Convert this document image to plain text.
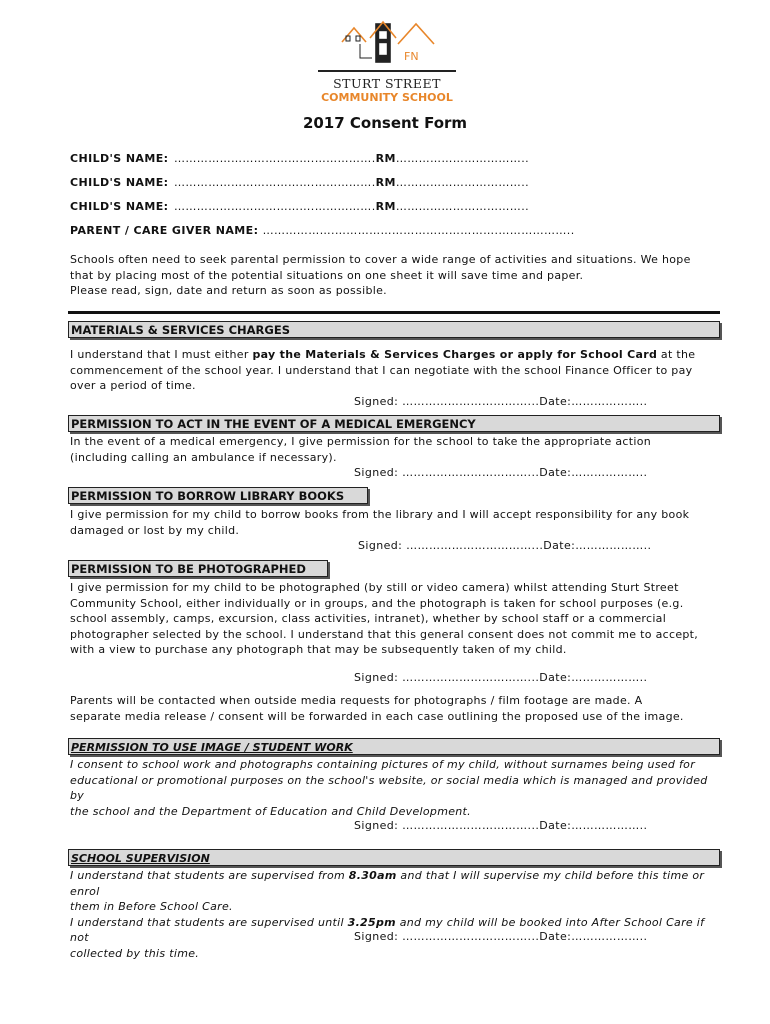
FN
STURT STREET
COMMUNITY SCHOOL
2017 Consent Form
CHILD'S NAME: ……………………………….…………….RM……………………………..
CHILD'S NAME: ……………………………….…………….RM……………………………..
CHILD'S NAME: ……………………………….…………….RM……………………………..
PARENT / CARE GIVER NAME: ……………….…………………………………….………………..
Schools often need to seek parental permission to cover a wide range of activities and situations. We hope
that by placing most of the potential situations on one sheet it will save time and paper.
Please read, sign, date and return as soon as possible.
MATERIALS & SERVICES CHARGES
I understand that I must either pay the Materials & Services Charges or apply for School Card at the
commencement of the school year. I understand that I can negotiate with the school Finance Officer to pay
over a period of time.
Signed: ……………………………...Date:………………..
PERMISSION TO ACT IN THE EVENT OF A MEDICAL EMERGENCY
In the event of a medical emergency, I give permission for the school to take the appropriate action
(including calling an ambulance if necessary).
Signed: ……………………………...Date:………………..
PERMISSION TO BORROW LIBRARY BOOKS
I give permission for my child to borrow books from the library and I will accept responsibility for any book
damaged or lost by my child.
Signed: ……………………………...Date:………………..
PERMISSION TO BE PHOTOGRAPHED
I give permission for my child to be photographed (by still or video camera) whilst attending Sturt Street
Community School, either individually or in groups, and the photograph is taken for school purposes (e.g.
school assembly, camps, excursion, class activities, intranet), whether by school staff or a commercial
photographer selected by the school. I understand that this general consent does not commit me to accept,
with a view to purchase any photograph that may be subsequently taken of my child.
Signed: ……………………………...Date:………………..
Parents will be contacted when outside media requests for photographs / film footage are made. A
separate media release / consent will be forwarded in each case outlining the proposed use of the image.
PERMISSION TO USE IMAGE / STUDENT WORK
I consent to school work and photographs containing pictures of my child, without surnames being used for
educational or promotional purposes on the school's website, or social media which is managed and provided by
the school and the Department of Education and Child Development.
Signed: ……………………………...Date:………………..
SCHOOL SUPERVISION
I understand that students are supervised from 8.30am and that I will supervise my child before this time or enrol
them in Before School Care.
I understand that students are supervised until 3.25pm and my child will be booked into After School Care if not
collected by this time.
Signed: ……………………………...Date:………………..
